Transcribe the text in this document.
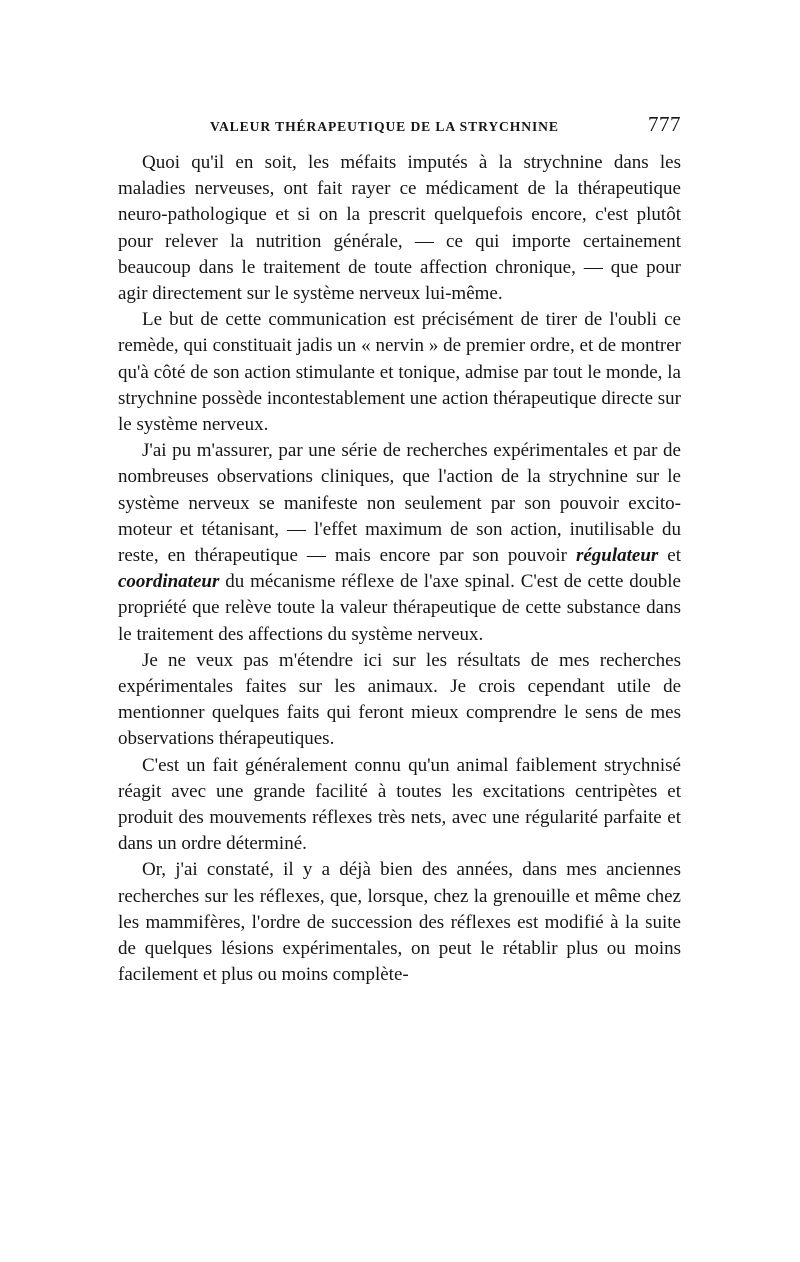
VALEUR THÉRAPEUTIQUE DE LA STRYCHNINE	777

Quoi qu'il en soit, les méfaits imputés à la strychnine dans les maladies nerveuses, ont fait rayer ce médicament de la thérapeutique neuro-pathologique et si on la prescrit quelquefois encore, c'est plutôt pour relever la nutrition générale, — ce qui importe certainement beaucoup dans le traitement de toute affection chronique, — que pour agir directement sur le système nerveux lui-même.

Le but de cette communication est précisément de tirer de l'oubli ce remède, qui constituait jadis un « nervin » de premier ordre, et de montrer qu'à côté de son action stimulante et tonique, admise par tout le monde, la strychnine possède incontestablement une action thérapeutique directe sur le système nerveux.

J'ai pu m'assurer, par une série de recherches expérimentales et par de nombreuses observations cliniques, que l'action de la strychnine sur le système nerveux se manifeste non seulement par son pouvoir excito-moteur et tétanisant, — l'effet maximum de son action, inutilisable du reste, en thérapeutique — mais encore par son pouvoir régulateur et coordinateur du mécanisme réflexe de l'axe spinal. C'est de cette double propriété que relève toute la valeur thérapeutique de cette substance dans le traitement des affections du système nerveux.

Je ne veux pas m'étendre ici sur les résultats de mes recherches expérimentales faites sur les animaux. Je crois cependant utile de mentionner quelques faits qui feront mieux comprendre le sens de mes observations thérapeutiques.

C'est un fait généralement connu qu'un animal faiblement strychnisé réagit avec une grande facilité à toutes les excitations centripètes et produit des mouvements réflexes très nets, avec une régularité parfaite et dans un ordre déterminé.

Or, j'ai constaté, il y a déjà bien des années, dans mes anciennes recherches sur les réflexes, que, lorsque, chez la grenouille et même chez les mammifères, l'ordre de succession des réflexes est modifié à la suite de quelques lésions expérimentales, on peut le rétablir plus ou moins facilement et plus ou moins complète-
